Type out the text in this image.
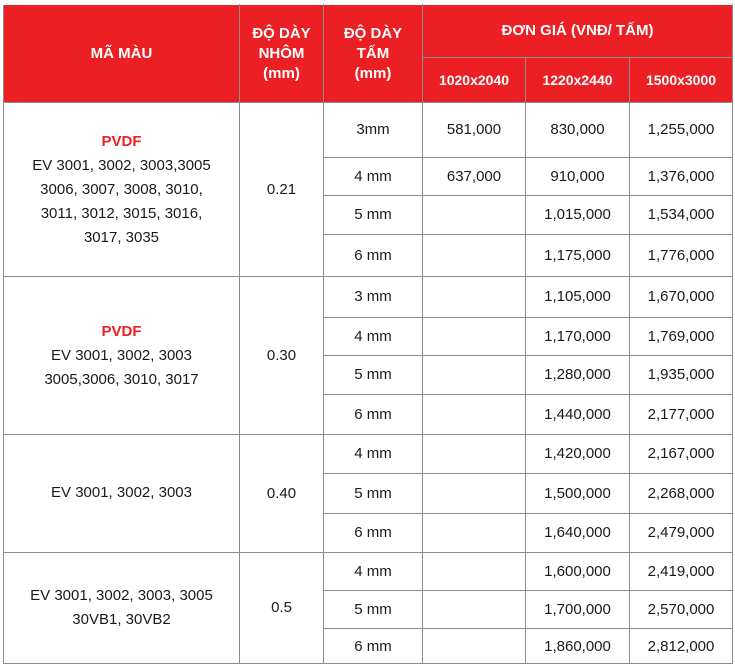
MÃ MÀU	ĐỘ DÀY
NHÔM
(mm)	ĐỘ DÀY
TẤM
(mm)	ĐƠN GIÁ (VNĐ/ TẤM)		
			1020x2040	1220x2440	1500x3000

PVDF
EV 3001, 3002, 3003,3005
3006, 3007, 3008, 3010,
3011, 3012, 3015, 3016,
3017, 3035	0.21	3mm	581,000	830,000	1,255,000
		4 mm	637,000	910,000	1,376,000
		5 mm		1,015,000	1,534,000
		6 mm		1,175,000	1,776,000

PVDF
EV 3001, 3002, 3003
3005,3006, 3010, 3017	0.30	3 mm		1,105,000	1,670,000
		4 mm		1,170,000	1,769,000
		5 mm		1,280,000	1,935,000
		6 mm		1,440,000	2,177,000

EV 3001, 3002, 3003	0.40	4 mm		1,420,000	2,167,000
		5 mm		1,500,000	2,268,000
		6 mm		1,640,000	2,479,000

EV 3001, 3002, 3003, 3005
30VB1, 30VB2	0.5	4 mm		1,600,000	2,419,000
		5 mm		1,700,000	2,570,000
		6 mm		1,860,000	2,812,000
